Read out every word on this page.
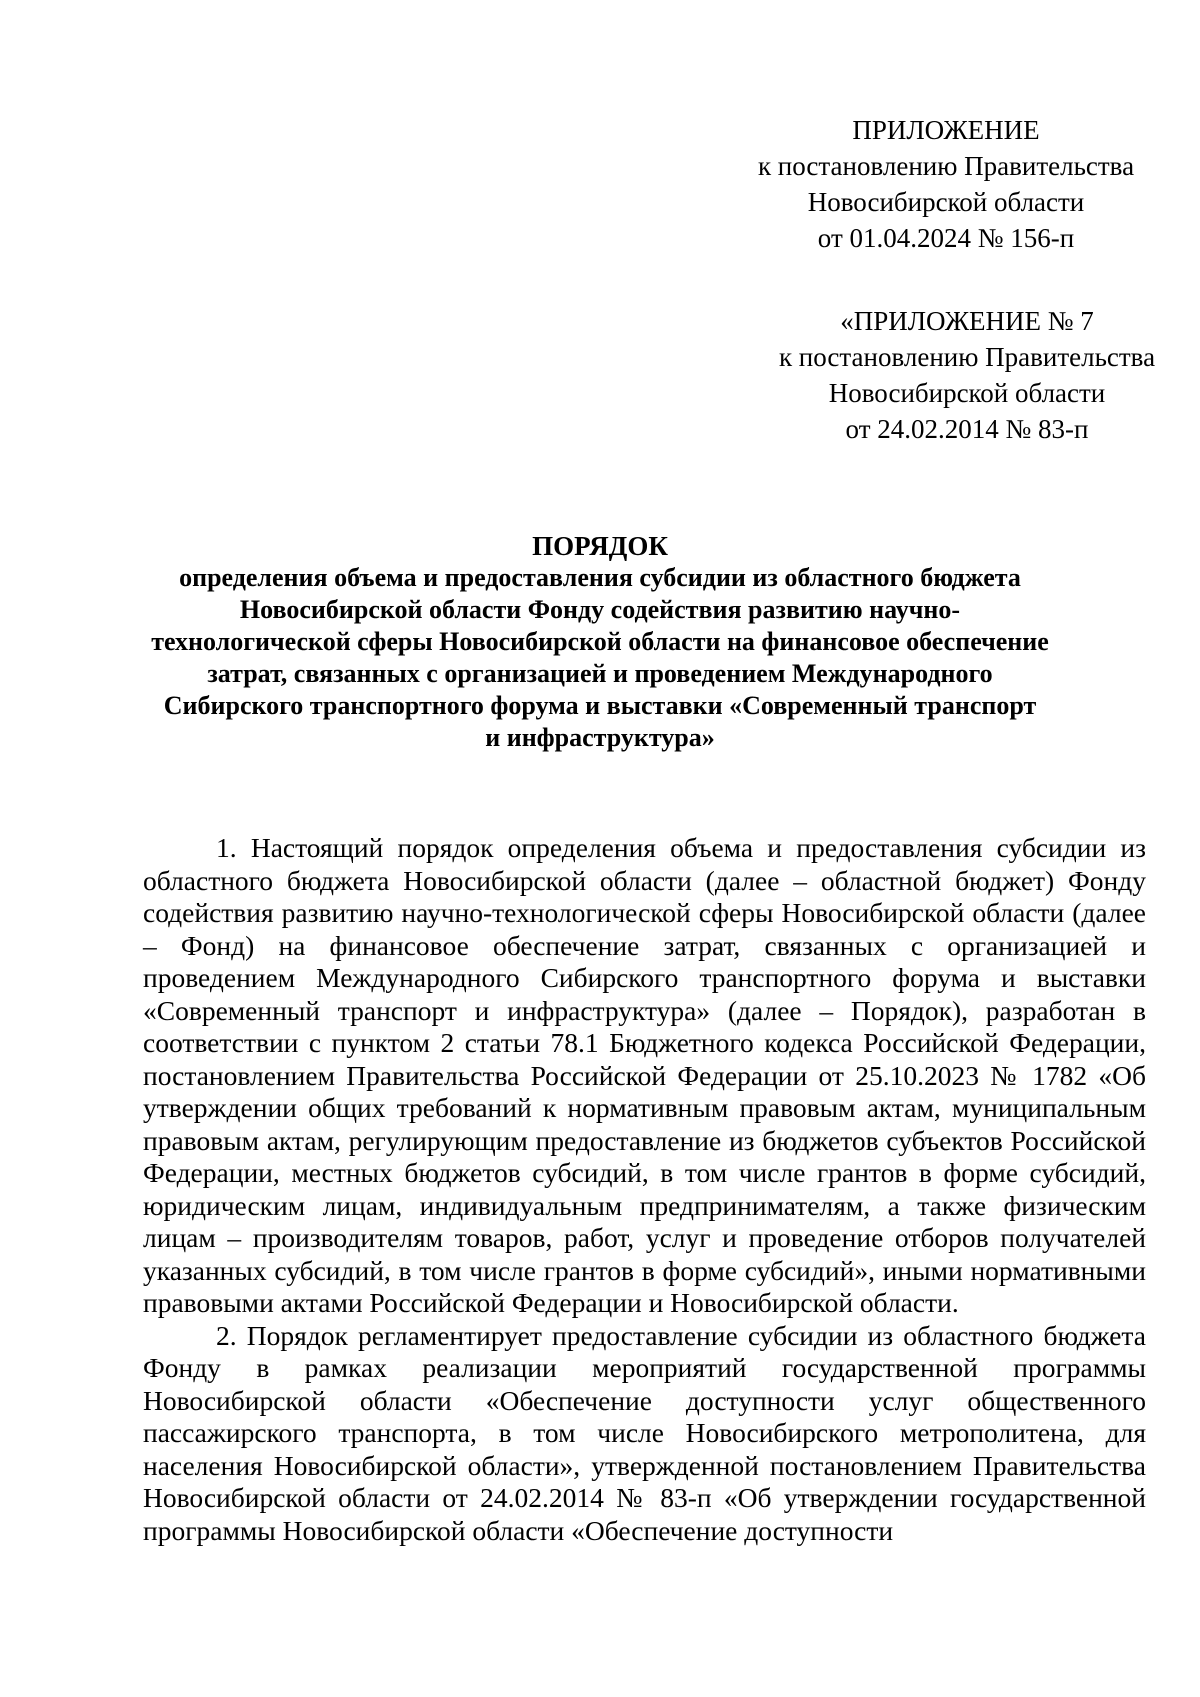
ПРИЛОЖЕНИЕ
к постановлению Правительства
Новосибирской области
от 01.04.2024 № 156-п
«ПРИЛОЖЕНИЕ № 7
к постановлению Правительства
Новосибирской области
от 24.02.2014 № 83-п
ПОРЯДОК
определения объема и предоставления субсидии из областного бюджета
Новосибирской области Фонду содействия развитию научно-
технологической сферы Новосибирской области на финансовое обеспечение
затрат, связанных с организацией и проведением Международного
Сибирского транспортного форума и выставки «Современный транспорт
и инфраструктура»

1. Настоящий порядок определения объема и предоставления субсидии из областного бюджета Новосибирской области (далее – областной бюджет) Фонду содействия развитию научно-технологической сферы Новосибирской области (далее – Фонд) на финансовое обеспечение затрат, связанных с организацией и проведением Международного Сибирского транспортного форума и выставки «Современный транспорт и инфраструктура» (далее – Порядок), разработан в соответствии с пунктом 2 статьи 78.1 Бюджетного кодекса Российской Федерации, постановлением Правительства Российской Федерации от 25.10.2023 № 1782 «Об утверждении общих требований к нормативным правовым актам, муниципальным правовым актам, регулирующим предоставление из бюджетов субъектов Российской Федерации, местных бюджетов субсидий, в том числе грантов в форме субсидий, юридическим лицам, индивидуальным предпринимателям, а также физическим лицам – производителям товаров, работ, услуг и проведение отборов получателей указанных субсидий, в том числе грантов в форме субсидий», иными нормативными правовыми актами Российской Федерации и Новосибирской области.

2. Порядок регламентирует предоставление субсидии из областного бюджета Фонду в рамках реализации мероприятий государственной программы Новосибирской области «Обеспечение доступности услуг общественного пассажирского транспорта, в том числе Новосибирского метрополитена, для населения Новосибирской области», утвержденной постановлением Правительства Новосибирской области от 24.02.2014 № 83-п «Об утверждении государственной программы Новосибирской области «Обеспечение доступности
